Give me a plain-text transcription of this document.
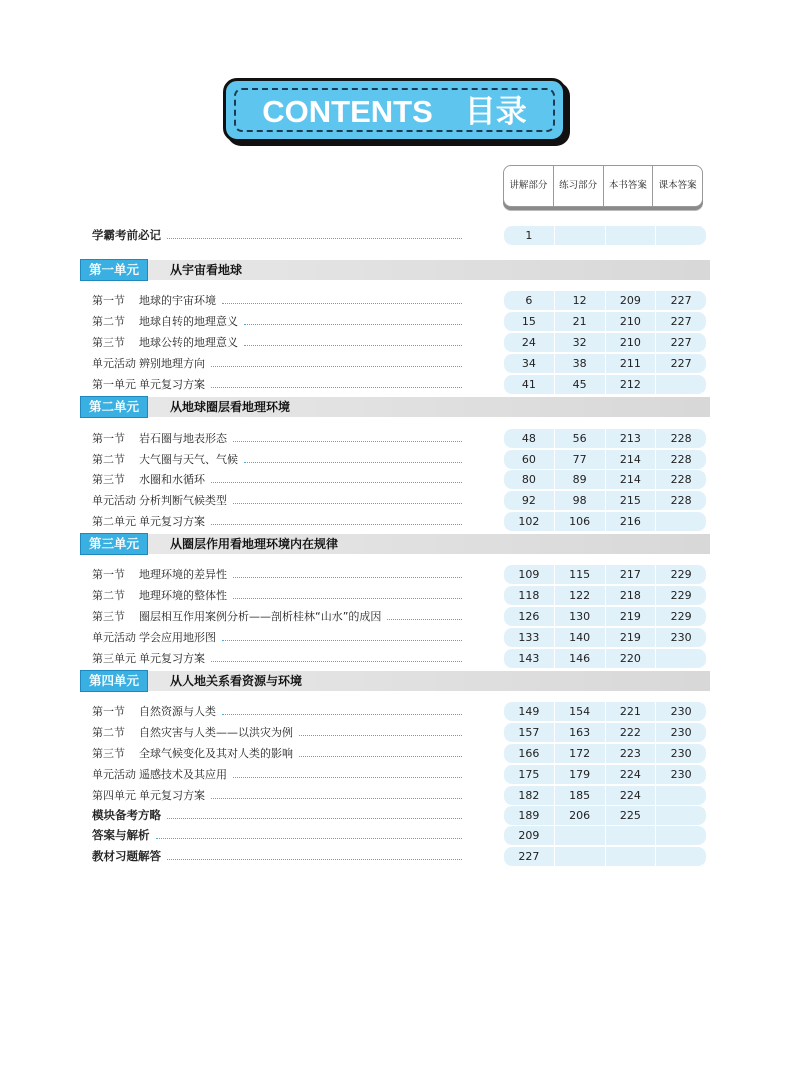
CONTENTS 目录
讲解部分	练习部分	本书答案	课本答案
学霸考前必记	1
第一单元	从宇宙看地球
第一节 地球的宇宙环境	6	12	209	227
第二节 地球自转的地理意义	15	21	210	227
第三节 地球公转的地理意义	24	32	210	227
单元活动 辨别地理方向	34	38	211	227
第一单元 单元复习方案	41	45	212
第二单元	从地球圈层看地理环境
第一节 岩石圈与地表形态	48	56	213	228
第二节 大气圈与天气、气候	60	77	214	228
第三节 水圈和水循环	80	89	214	228
单元活动 分析判断气候类型	92	98	215	228
第二单元 单元复习方案	102	106	216
第三单元	从圈层作用看地理环境内在规律
第一节 地理环境的差异性	109	115	217	229
第二节 地理环境的整体性	118	122	218	229
第三节 圈层相互作用案例分析——剖析桂林“山水”的成因	126	130	219	229
单元活动 学会应用地形图	133	140	219	230
第三单元 单元复习方案	143	146	220
第四单元	从人地关系看资源与环境
第一节 自然资源与人类	149	154	221	230
第二节 自然灾害与人类——以洪灾为例	157	163	222	230
第三节 全球气候变化及其对人类的影响	166	172	223	230
单元活动 遥感技术及其应用	175	179	224	230
第四单元 单元复习方案	182	185	224
模块备考方略	189	206	225
答案与解析	209
教材习题解答	227
